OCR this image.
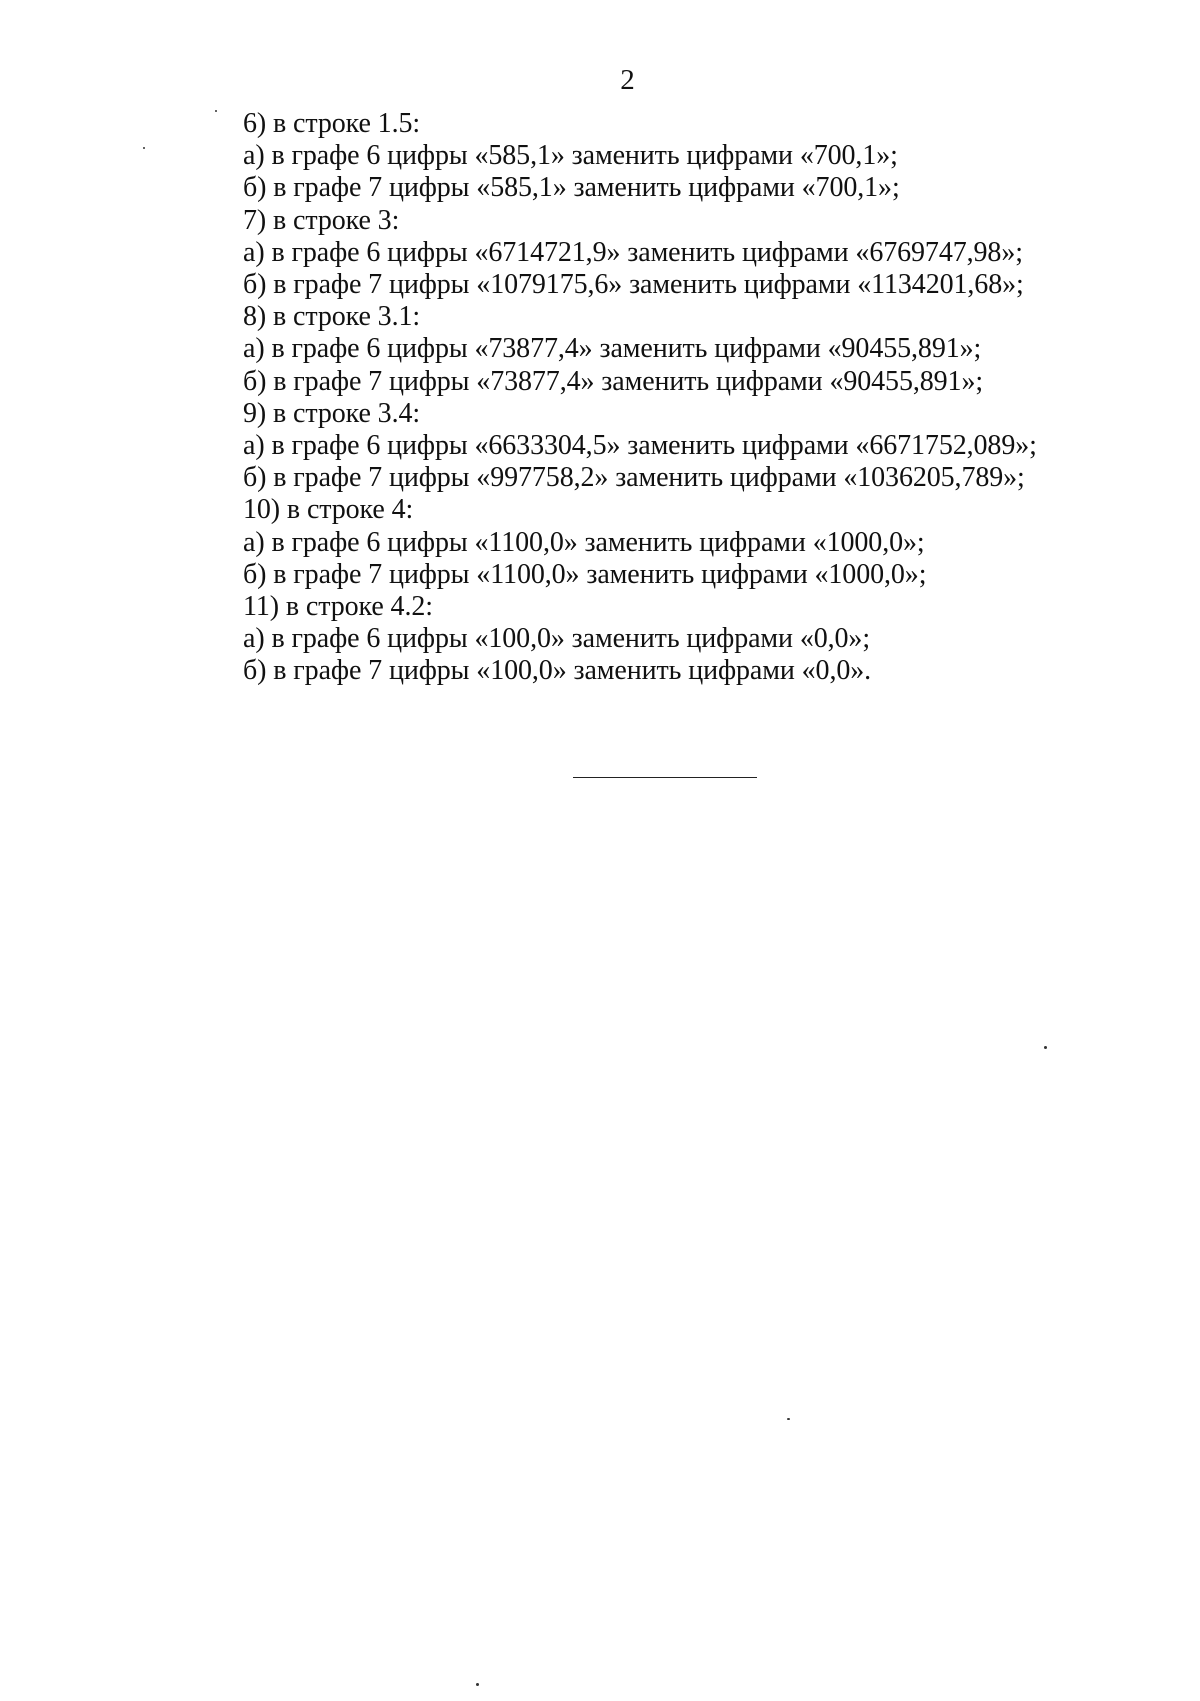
2
6) в строке 1.5:
а) в графе 6 цифры «585,1» заменить цифрами «700,1»;
б) в графе 7 цифры «585,1» заменить цифрами «700,1»;
7) в строке 3:
а) в графе 6 цифры «6714721,9» заменить цифрами «6769747,98»;
б) в графе 7 цифры «1079175,6» заменить цифрами «1134201,68»;
8) в строке 3.1:
а) в графе 6 цифры «73877,4» заменить цифрами «90455,891»;
б) в графе 7 цифры «73877,4» заменить цифрами «90455,891»;
9) в строке 3.4:
а) в графе 6 цифры «6633304,5» заменить цифрами «6671752,089»;
б) в графе 7 цифры «997758,2» заменить цифрами «1036205,789»;
10) в строке 4:
а) в графе 6 цифры «1100,0» заменить цифрами «1000,0»;
б) в графе 7 цифры «1100,0» заменить цифрами «1000,0»;
11) в строке 4.2:
а) в графе 6 цифры «100,0» заменить цифрами «0,0»;
б) в графе 7 цифры «100,0» заменить цифрами «0,0».
